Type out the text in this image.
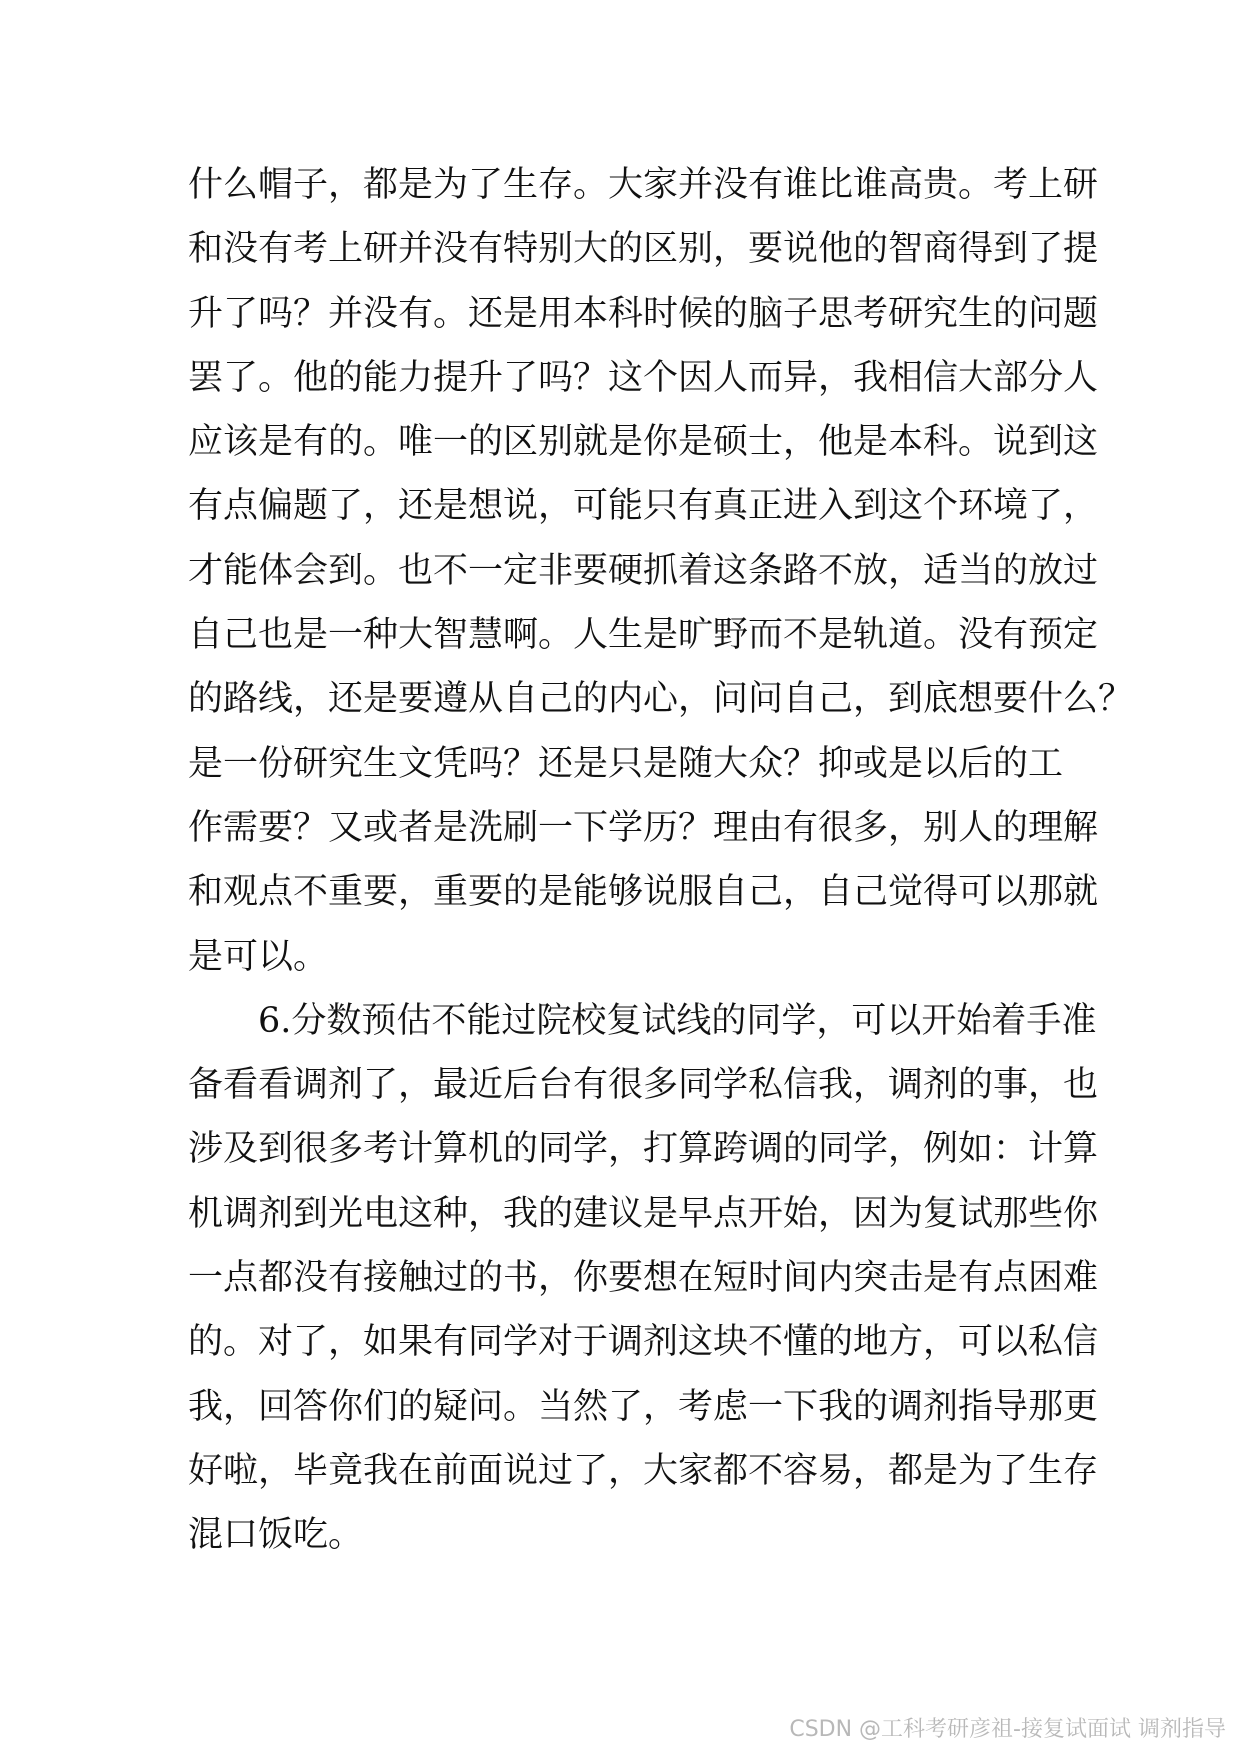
什么帽子，都是为了生存。大家并没有谁比谁高贵。考上研
和没有考上研并没有特别大的区别，要说他的智商得到了提
升了吗？并没有。还是用本科时候的脑子思考研究生的问题
罢了。他的能力提升了吗？这个因人而异，我相信大部分人
应该是有的。唯一的区别就是你是硕士，他是本科。说到这
有点偏题了，还是想说，可能只有真正进入到这个环境了，
才能体会到。也不一定非要硬抓着这条路不放，适当的放过
自己也是一种大智慧啊。人生是旷野而不是轨道。没有预定
的路线，还是要遵从自己的内心，问问自己，到底想要什么？
是一份研究生文凭吗？还是只是随大众？抑或是以后的工
作需要？又或者是洗刷一下学历？理由有很多，别人的理解
和观点不重要，重要的是能够说服自己，自己觉得可以那就
是可以。
6.分数预估不能过院校复试线的同学，可以开始着手准
备看看调剂了，最近后台有很多同学私信我，调剂的事，也
涉及到很多考计算机的同学，打算跨调的同学，例如：计算
机调剂到光电这种，我的建议是早点开始，因为复试那些你
一点都没有接触过的书，你要想在短时间内突击是有点困难
的。对了，如果有同学对于调剂这块不懂的地方，可以私信
我，回答你们的疑问。当然了，考虑一下我的调剂指导那更
好啦，毕竟我在前面说过了，大家都不容易，都是为了生存
混口饭吃。
CSDN @工科考研彦祖-接复试面试 调剂指导
